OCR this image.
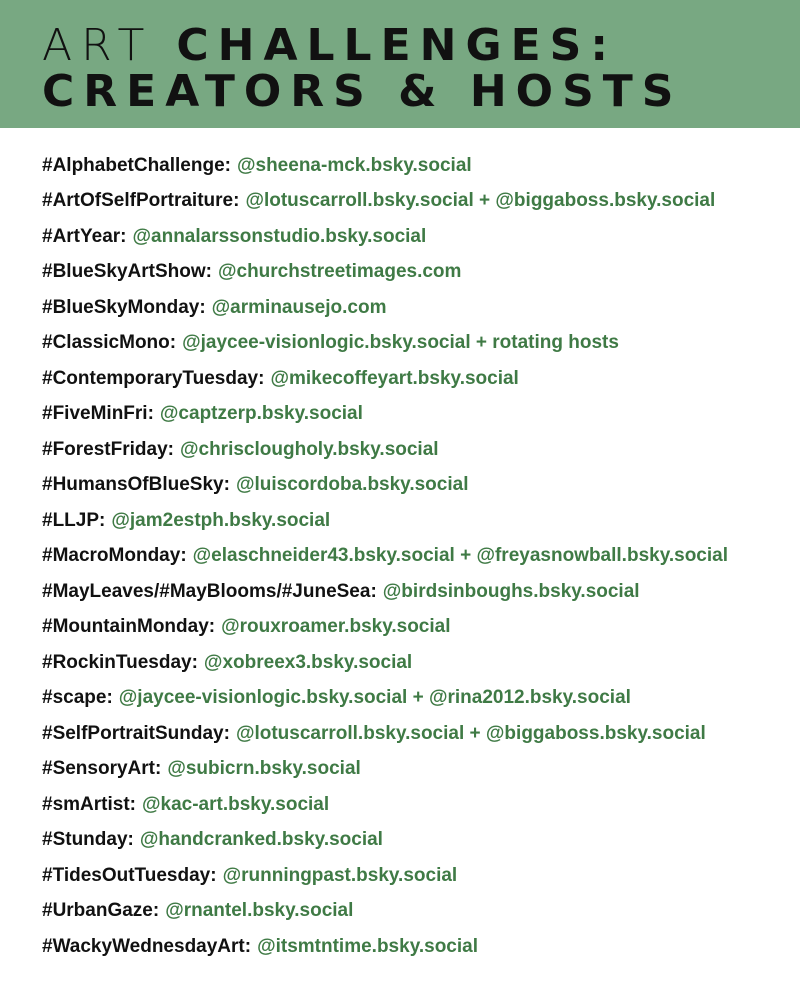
ART CHALLENGES:
CREATORS & HOSTS
#AlphabetChallenge : @sheena-mck.bsky.social
#ArtOfSelfPortraiture : @lotuscarroll.bsky.social + @biggaboss.bsky.social
#ArtYear : @annalarssonstudio.bsky.social
#BlueSkyArtShow : @churchstreetimages.com
#BlueSkyMonday : @arminausejo.com
#ClassicMono : @jaycee-visionlogic.bsky.social + rotating hosts
#ContemporaryTuesday : @mikecoffeyart.bsky.social
#FiveMinFri : @captzerp.bsky.social
#ForestFriday : @chrisclougholy.bsky.social
#HumansOfBlueSky : @luiscordoba.bsky.social
#LLJP : @jam2estph.bsky.social
#MacroMonday : @elaschneider43.bsky.social + @freyasnowball.bsky.social
#MayLeaves/#MayBlooms/#JuneSea : @birdsinboughs.bsky.social
#MountainMonday : @rouxroamer.bsky.social
#RockinTuesday : @xobreex3.bsky.social
#scape : @jaycee-visionlogic.bsky.social + @rina2012.bsky.social
#SelfPortraitSunday : @lotuscarroll.bsky.social + @biggaboss.bsky.social
#SensoryArt : @subicrn.bsky.social
#smArtist : @kac-art.bsky.social
#Stunday : @handcranked.bsky.social
#TidesOutTuesday : @runningpast.bsky.social
#UrbanGaze : @rnantel.bsky.social
#WackyWednesdayArt : @itsmtntime.bsky.social
